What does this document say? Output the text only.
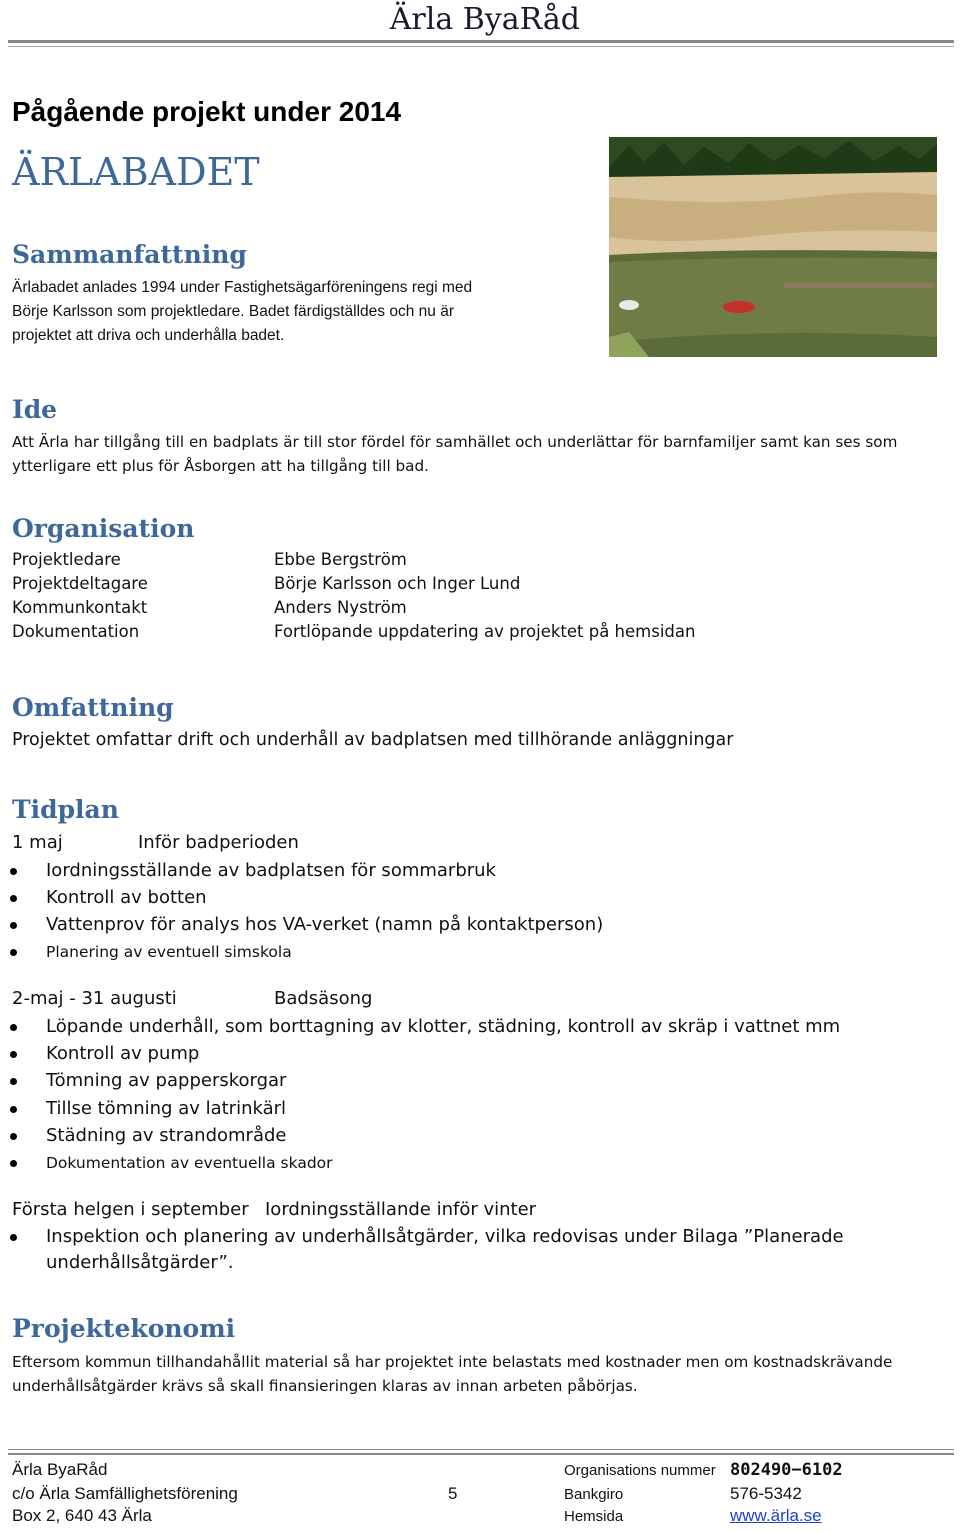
Ärla ByaRåd
Pågående projekt under 2014
ÄRLABADET
Sammanfattning
Ärlabadet anlades 1994 under Fastighetsägarföreningens regi med
Börje Karlsson som projektledare. Badet färdigställdes och nu är
projektet att driva och underhålla badet.
Ide
Att Ärla har tillgång till en badplats är till stor fördel för samhället och underlättar för barnfamiljer samt kan ses som
ytterligare ett plus för Åsborgen att ha tillgång till bad.
Organisation
Projektledare	Ebbe Bergström
Projektdeltagare	Börje Karlsson och Inger Lund
Kommunkontakt	Anders Nyström
Dokumentation	Fortlöpande uppdatering av projektet på hemsidan
Omfattning
Projektet omfattar drift och underhåll av badplatsen med tillhörande anläggningar
Tidplan
1 maj	Inför badperioden
Iordningsställande av badplatsen för sommarbruk
Kontroll av botten
Vattenprov för analys hos VA-verket (namn på kontaktperson)
Planering av eventuell simskola
2-maj - 31 augusti	Badsäsong
Löpande underhåll, som borttagning av klotter, städning, kontroll av skräp i vattnet mm
Kontroll av pump
Tömning av papperskorgar
Tillse tömning av latrinkärl
Städning av strandområde
Dokumentation av eventuella skador
Första helgen i september Iordningsställande inför vinter
Inspektion och planering av underhållsåtgärder, vilka redovisas under Bilaga ”Planerade
underhållsåtgärder”.
Projektekonomi
Eftersom kommun tillhandahållit material så har projektet inte belastats med kostnader men om kostnadskrävande
underhållsåtgärder krävs så skall finansieringen klaras av innan arbeten påbörjas.
Ärla ByaRåd
c/o Ärla Samfällighetsförening
Box 2, 640 43 Ärla
5
Organisations nummer 802490−6102
Bankgiro	576-5342
Hemsida	www.ärla.se
